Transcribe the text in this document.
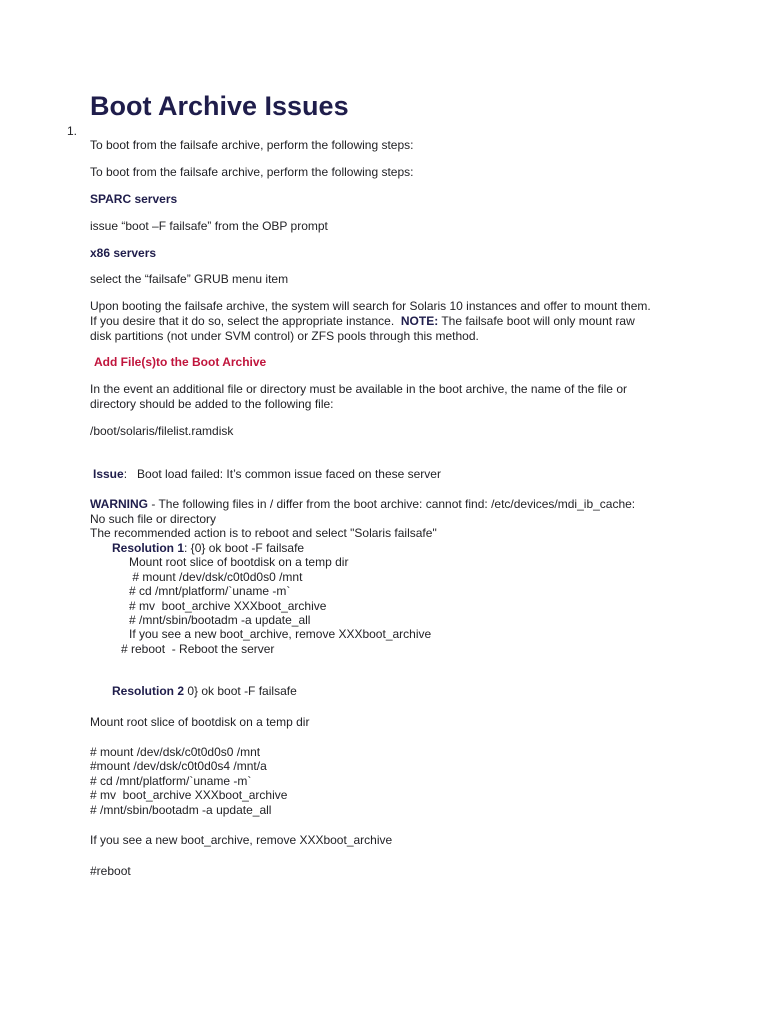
Boot Archive Issues
1.
To boot from the failsafe archive, perform the following steps:
To boot from the failsafe archive, perform the following steps:
SPARC servers
issue “boot –F failsafe” from the OBP prompt
x86 servers
select the “failsafe” GRUB menu item
Upon booting the failsafe archive, the system will search for Solaris 10 instances and offer to mount them.
If you desire that it do so, select the appropriate instance.  NOTE: The failsafe boot will only mount raw
disk partitions (not under SVM control) or ZFS pools through this method.
Add File(s)to the Boot Archive
In the event an additional file or directory must be available in the boot archive, the name of the file or
directory should be added to the following file:
/boot/solaris/filelist.ramdisk
Issue:   Boot load failed: It’s common issue faced on these server
WARNING - The following files in / differ from the boot archive: cannot find: /etc/devices/mdi_ib_cache:
No such file or directory
The recommended action is to reboot and select "Solaris failsafe"
Resolution 1: {0} ok boot -F failsafe
Mount root slice of bootdisk on a temp dir
# mount /dev/dsk/c0t0d0s0 /mnt
# cd /mnt/platform/`uname -m`
# mv  boot_archive XXXboot_archive
# /mnt/sbin/bootadm -a update_all
If you see a new boot_archive, remove XXXboot_archive
# reboot  - Reboot the server
Resolution 2 0} ok boot -F failsafe
Mount root slice of bootdisk on a temp dir
# mount /dev/dsk/c0t0d0s0 /mnt
#mount /dev/dsk/c0t0d0s4 /mnt/a
# cd /mnt/platform/`uname -m`
# mv  boot_archive XXXboot_archive
# /mnt/sbin/bootadm -a update_all
If you see a new boot_archive, remove XXXboot_archive
#reboot
